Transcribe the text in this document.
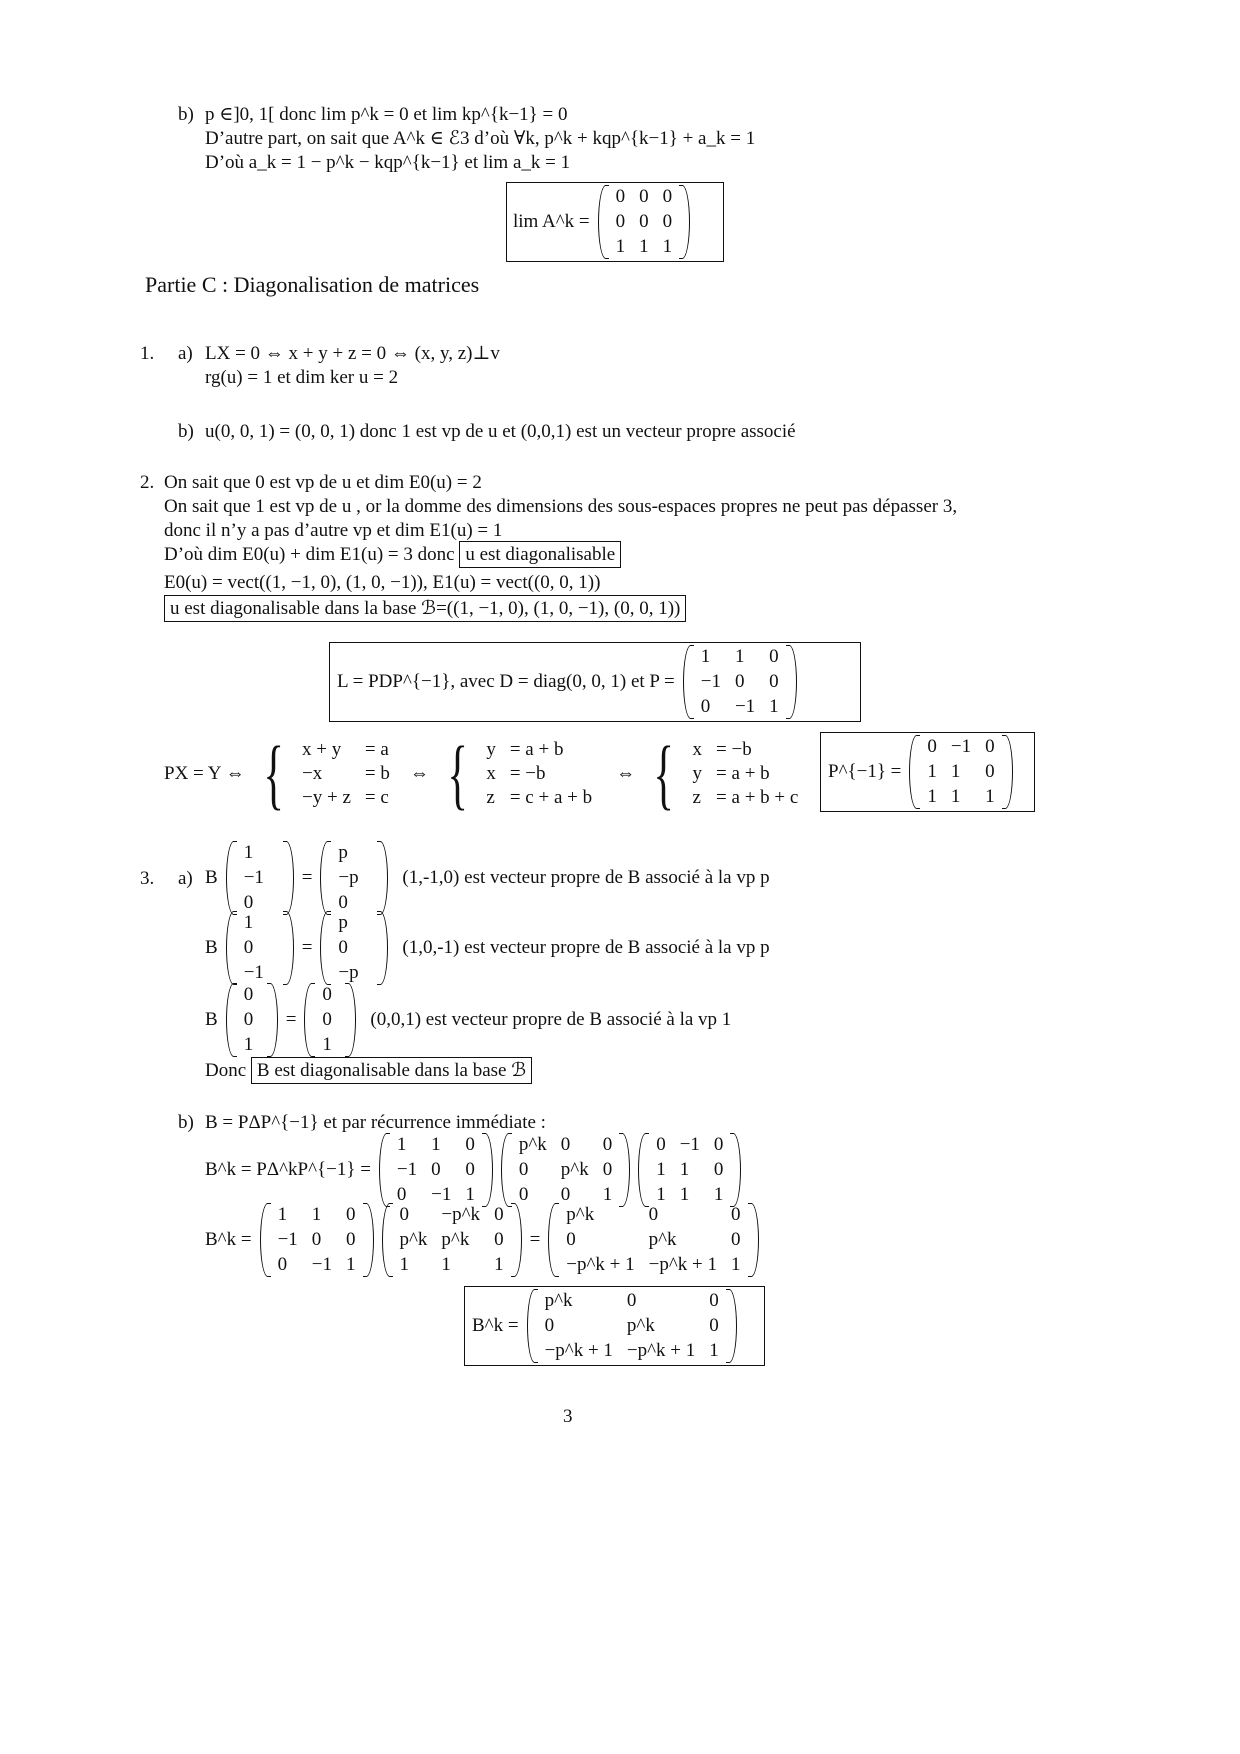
b) p ∈]0, 1[ donc lim p^k = 0 et lim kp^{k−1} = 0
D’autre part, on sait que A^k ∈ ℰ3 d’où ∀k, p^k + kqp^{k−1} + a_k = 1
D’où a_k = 1 − p^k − kqp^{k−1} et lim a_k = 1
lim A^k =
0 0 0
0 0 0
1 1 1
Partie C : Diagonalisation de matrices
1. a) LX = 0 ⇔ x + y + z = 0 ⇔ (x, y, z)⊥v
rg(u) = 1 et dim ker u = 2
b) u(0, 0, 1) = (0, 0, 1) donc 1 est vp de u et (0,0,1) est un vecteur propre associé
2. On sait que 0 est vp de u et dim E0(u) = 2
On sait que 1 est vp de u , or la domme des dimensions des sous-espaces propres ne peut pas dépasser 3,
donc il n’y a pas d’autre vp et dim E1(u) = 1
D’où dim E0(u) + dim E1(u) = 3 donc u est diagonalisable
E0(u) = vect((1, −1, 0), (1, 0, −1)), E1(u) = vect((0, 0, 1))
u est diagonalisable dans la base ℬ=((1, −1, 0), (1, 0, −1), (0, 0, 1))
L = PDP^{−1}, avec D = diag(0, 0, 1) et P =
1	1	0
−1 0	0
0	−1 1
PX = Y ⇔ { x + y	= a
−x	= b
−y + z = c
⇔ { y = a + b
x = −b
z = c + a + b
⇔ { x = −b
y = a + b
z = a + b + c
P^{−1} =
0 −1 0
1 1	0
1 1	1
3. a) B
1
−1
0
=
p
−p
0
(1,-1,0) est vecteur propre de B associé à la vp p
B
1
0
−1
=
p
0
−p
(1,0,-1) est vecteur propre de B associé à la vp p
B
0
0
1
=
0
0
1
(0,0,1) est vecteur propre de B associé à la vp 1
Donc B est diagonalisable dans la base ℬ
b) B = PΔP^{−1} et par récurrence immédiate :
B^k = PΔ^kP^{−1} =
1	1	0
−1 0	0
0	−1 1
p^k 0	0
0	p^k 0
0	0	1
0 −1 0
1 1	0
1 1	1
B^k =
1	1	0
−1 0	0
0	−1 1
0	−p^k 0
p^k p^k	0
1	1	1
=
p^k	0	0
0	p^k	0
−p^k + 1 −p^k + 1 1
B^k =
p^k	0	0
0	p^k	0
−p^k + 1 −p^k + 1 1
3
